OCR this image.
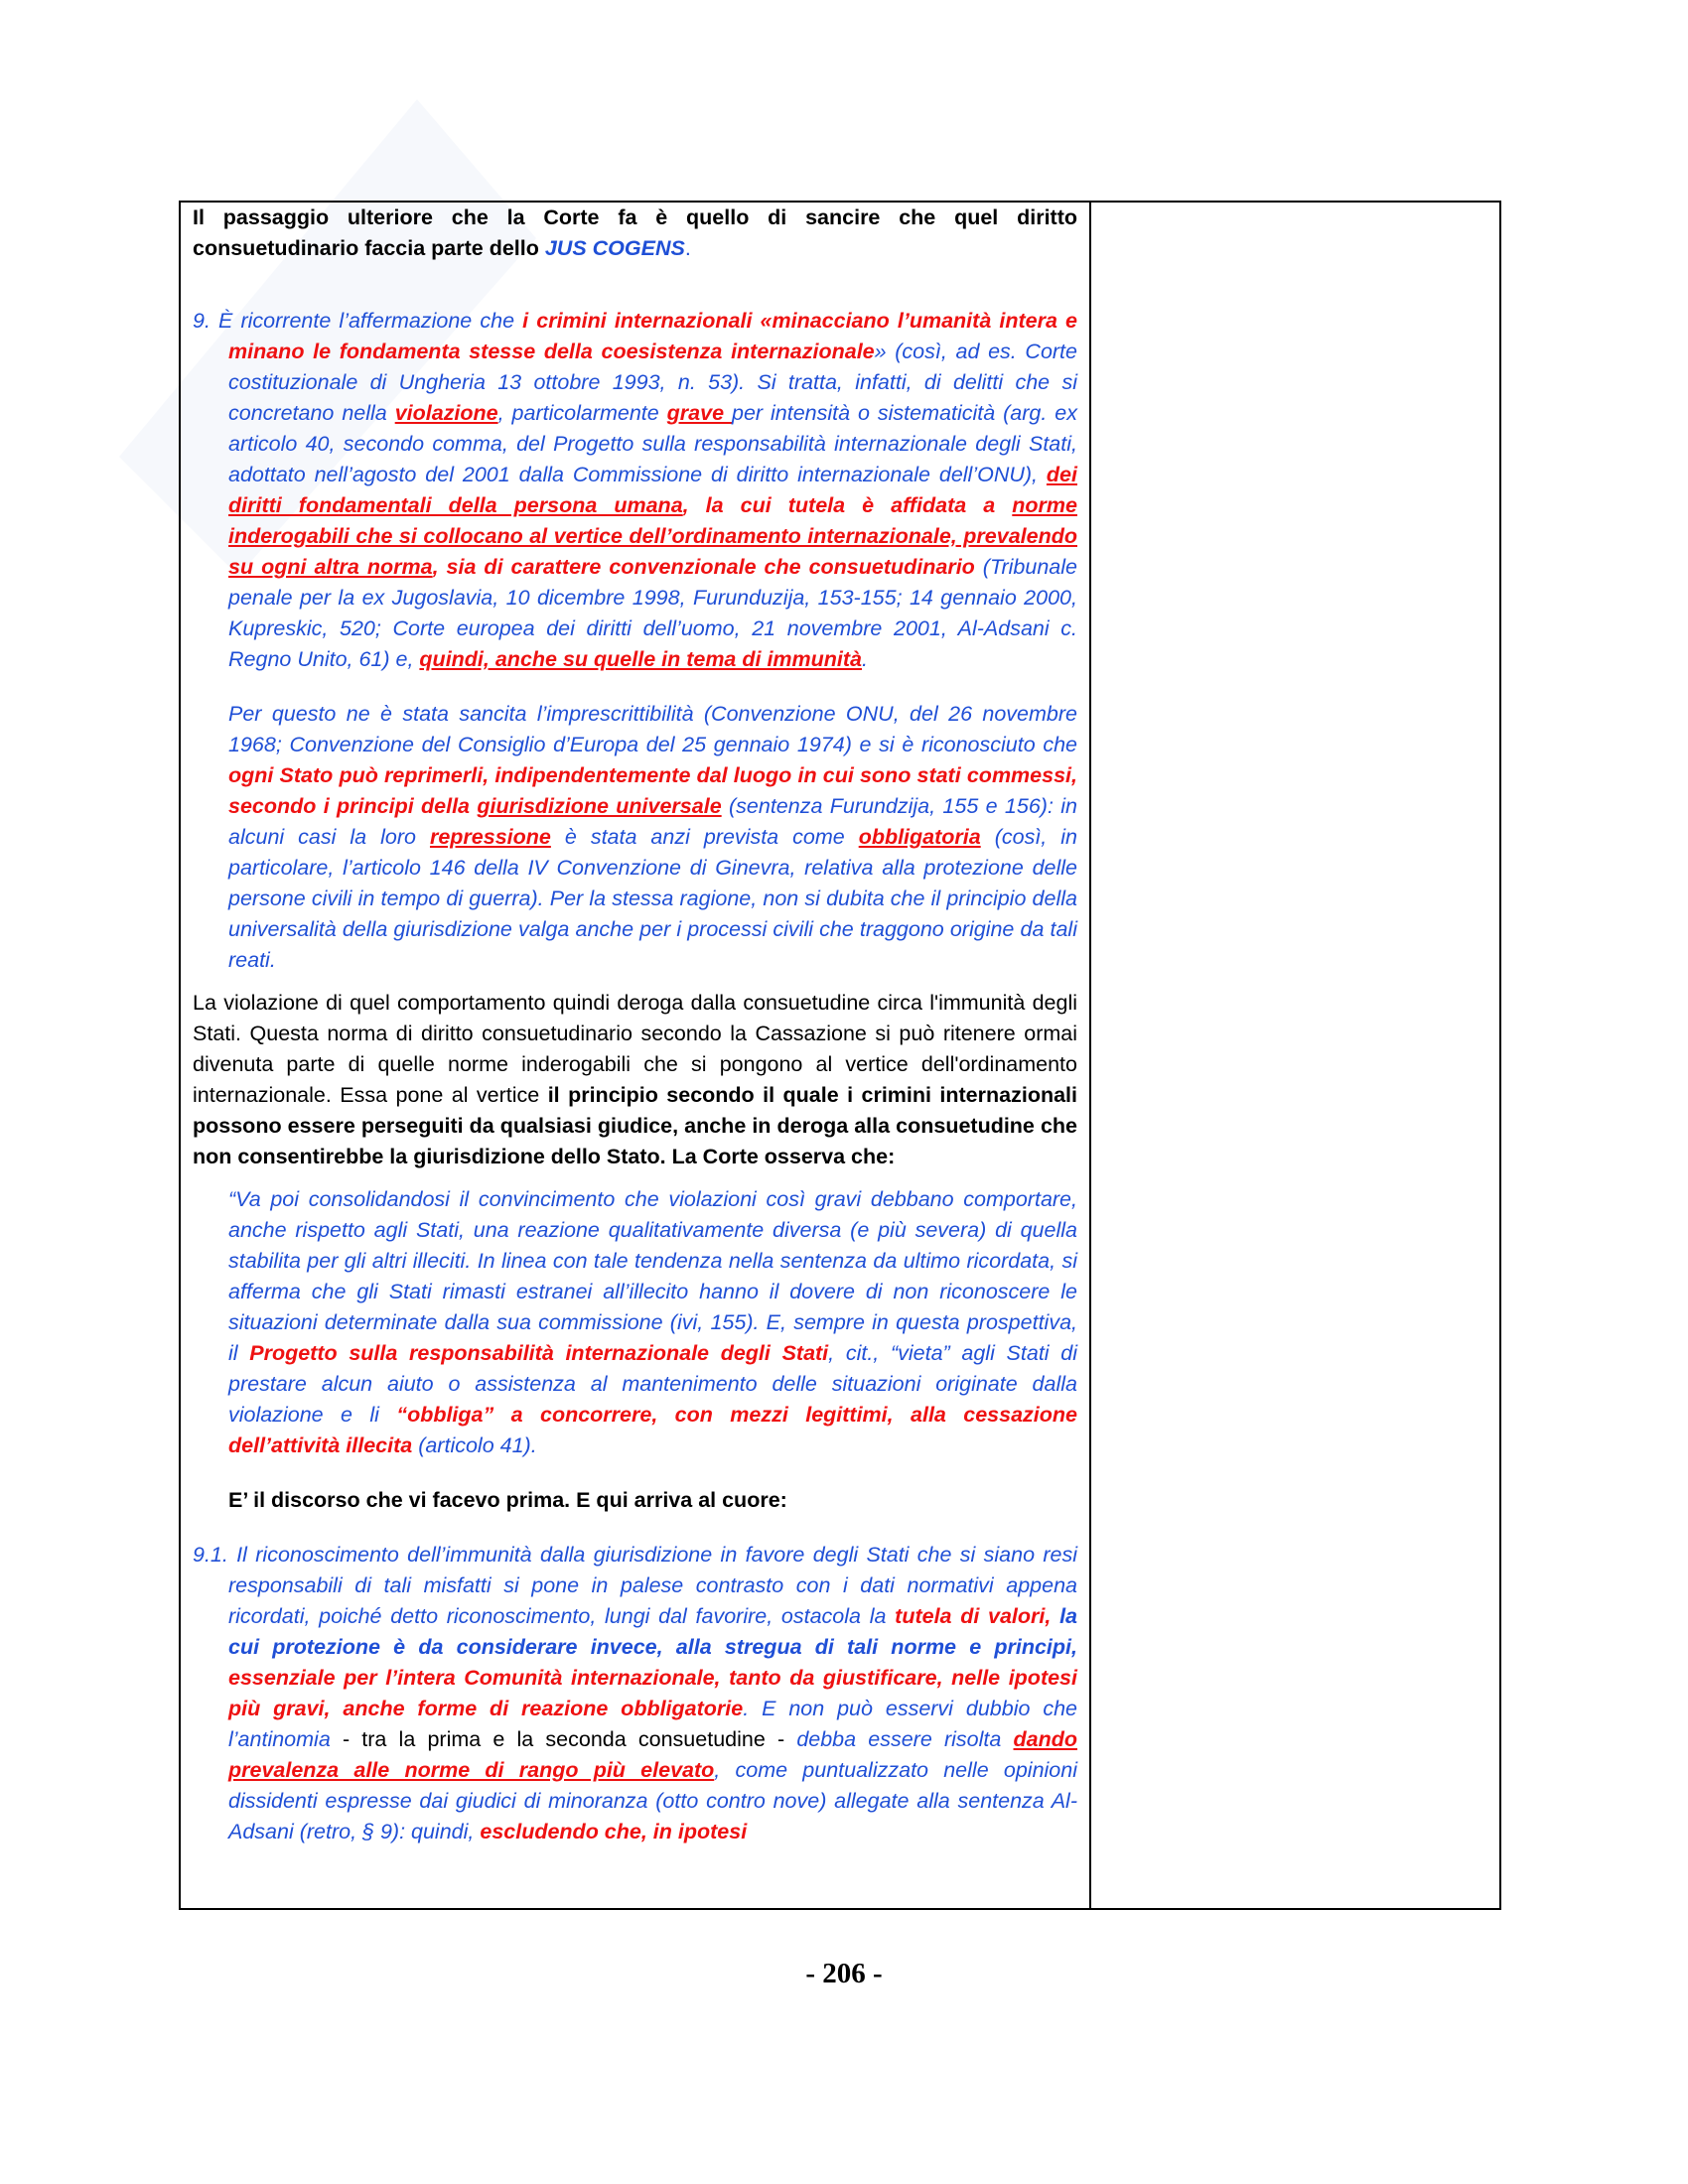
Il passaggio ulteriore che la Corte fa è quello di sancire che quel diritto consuetudinario faccia parte dello JUS COGENS.

9. È ricorrente l’affermazione che i crimini internazionali «minacciano l’umanità intera e minano le fondamenta stesse della coesistenza internazionale» (così, ad es. Corte costituzionale di Ungheria 13 ottobre 1993, n. 53). Si tratta, infatti, di delitti che si concretano nella violazione, particolarmente grave per intensità o sistematicità (arg. ex articolo 40, secondo comma, del Progetto sulla responsabilità internazionale degli Stati, adottato nell’agosto del 2001 dalla Commissione di diritto internazionale dell’ONU), dei diritti fondamentali della persona umana, la cui tutela è affidata a norme inderogabili che si collocano al vertice dell’ordinamento internazionale, prevalendo su ogni altra norma, sia di carattere convenzionale che consuetudinario (Tribunale penale per la ex Jugoslavia, 10 dicembre 1998, Furunduzija, 153-155; 14 gennaio 2000, Kupreskic, 520; Corte europea dei diritti dell’uomo, 21 novembre 2001, Al-Adsani c. Regno Unito, 61) e, quindi, anche su quelle in tema di immunità.

Per questo ne è stata sancita l’imprescrittibilità (Convenzione ONU, del 26 novembre 1968; Convenzione del Consiglio d’Europa del 25 gennaio 1974) e si è riconosciuto che ogni Stato può reprimerli, indipendentemente dal luogo in cui sono stati commessi, secondo i principi della giurisdizione universale (sentenza Furundzija, 155 e 156): in alcuni casi la loro repressione è stata anzi prevista come obbligatoria (così, in particolare, l’articolo 146 della IV Convenzione di Ginevra, relativa alla protezione delle persone civili in tempo di guerra). Per la stessa ragione, non si dubita che il principio della universalità della giurisdizione valga anche per i processi civili che traggono origine da tali reati.

La violazione di quel comportamento quindi deroga dalla consuetudine circa l'immunità degli Stati. Questa norma di diritto consuetudinario secondo la Cassazione si può ritenere ormai divenuta parte di quelle norme inderogabili che si pongono al vertice dell'ordinamento internazionale. Essa pone al vertice il principio secondo il quale i crimini internazionali possono essere perseguiti da qualsiasi giudice, anche in deroga alla consuetudine che non consentirebbe la giurisdizione dello Stato. La Corte osserva che:

“Va poi consolidandosi il convincimento che violazioni così gravi debbano comportare, anche rispetto agli Stati, una reazione qualitativamente diversa (e più severa) di quella stabilita per gli altri illeciti. In linea con tale tendenza nella sentenza da ultimo ricordata, si afferma che gli Stati rimasti estranei all’illecito hanno il dovere di non riconoscere le situazioni determinate dalla sua commissione (ivi, 155). E, sempre in questa prospettiva, il Progetto sulla responsabilità internazionale degli Stati, cit., “vieta” agli Stati di prestare alcun aiuto o assistenza al mantenimento delle situazioni originate dalla violazione e li “obbliga” a concorrere, con mezzi legittimi, alla cessazione dell’attività illecita (articolo 41).

E’ il discorso che vi facevo prima. E qui arriva al cuore:

9.1. Il riconoscimento dell’immunità dalla giurisdizione in favore degli Stati che si siano resi responsabili di tali misfatti si pone in palese contrasto con i dati normativi appena ricordati, poiché detto riconoscimento, lungi dal favorire, ostacola la tutela di valori, la cui protezione è da considerare invece, alla stregua di tali norme e principi, essenziale per l’intera Comunità internazionale, tanto da giustificare, nelle ipotesi più gravi, anche forme di reazione obbligatorie. E non può esservi dubbio che l’antinomia - tra la prima e la seconda consuetudine - debba essere risolta dando prevalenza alle norme di rango più elevato, come puntualizzato nelle opinioni dissidenti espresse dai giudici di minoranza (otto contro nove) allegate alla sentenza Al-Adsani (retro, § 9): quindi, escludendo che, in ipotesi

- 206 -
